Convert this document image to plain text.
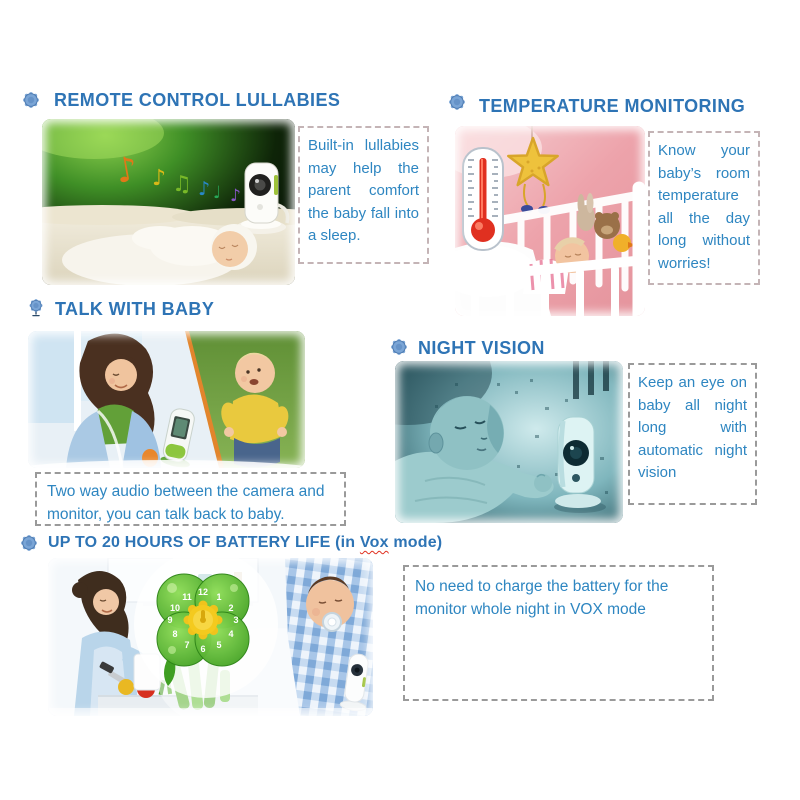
REMOTE CONTROL LULLABIES
♪ ♪ ♫ ♪ ♩ ♪
Built-in lullabies may help the parent comfort the baby fall into a sleep.
TEMPERATURE MONITORING
Know your baby’s room temperature all the day long without worries!
TALK WITH BABY
Two way audio between the camera and monitor, you can talk back to baby.
NIGHT VISION
Keep an eye on baby all night long with automatic night vision
UP TO 20 HOURS OF BATTERY LIFE (in Vox mode)
12 1
2
3
4
5
6
7
8
9
10
11
No need to charge the battery for the monitor whole night in VOX mode
